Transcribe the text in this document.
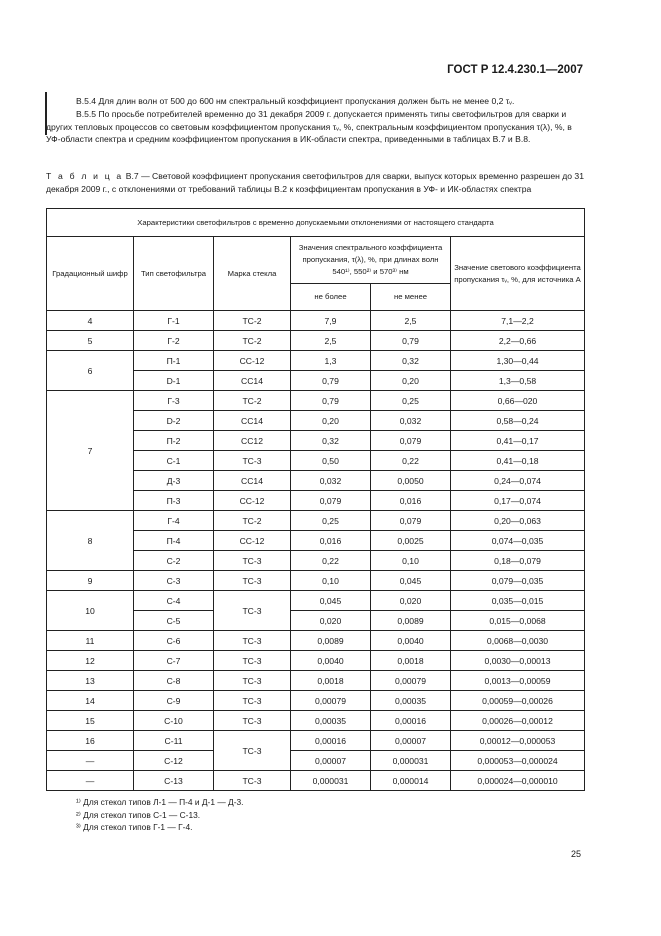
ГОСТ Р 12.4.230.1—2007
В.5.4 Для длин волн от 500 до 600 нм спектральный коэффициент пропускания должен быть не менее 0,2 τᵥ.
В.5.5 По просьбе потребителей временно до 31 декабря 2009 г. допускается применять типы светофильтров для сварки и других тепловых процессов со световым коэффициентом пропускания τᵥ, %, спектральным коэффициентом пропускания τ(λ), %, в УФ-области спектра и средним коэффициентом пропускания в ИК-области спектра, приведенными в таблицах В.7 и В.8.
Т а б л и ц а В.7 — Световой коэффициент пропускания светофильтров для сварки, выпуск которых временно разрешен до 31 декабря 2009 г., с отклонениями от требований таблицы В.2 к коэффициентам пропускания в УФ- и ИК-областях спектра
Характеристики светофильтров с временно допускаемыми отклонениями от настоящего стандарта					
Градационный шифр	Тип светофильтра	Марка стекла	Значения спектрального коэффициента пропускания, τ(λ), %, при длинах волн 540¹⁾, 550²⁾ и 570³⁾ нм		Значение светового коэффициента пропускания τᵥ, %, для источника А
			не более	не менее	
4	Г-1	ТС-2	7,9	2,5	7,1—2,2
5	Г-2	ТС-2	2,5	0,79	2,2—0,66
6	П-1	СС-12	1,3	0,32	1,30—0,44
	D-1	СС14	0,79	0,20	1,3—0,58
7	Г-3	ТС-2	0,79	0,25	0,66—020
	D-2	СС14	0,20	0,032	0,58—0,24
	П-2	СС12	0,32	0,079	0,41—0,17
	С-1	ТС-3	0,50	0,22	0,41—0,18
	Д-3	СС14	0,032	0,0050	0,24—0,074
	П-3	СС-12	0,079	0,016	0,17—0,074
8	Г-4	ТС-2	0,25	0,079	0,20—0,063
	П-4	СС-12	0,016	0,0025	0,074—0,035
	С-2	ТС-3	0,22	0,10	0,18—0,079
9	С-3	ТС-3	0,10	0,045	0,079—0,035
10	С-4	ТС-3	0,045	0,020	0,035—0,015
	С-5		0,020	0,0089	0,015—0,0068
11	С-6	ТС-3	0,0089	0,0040	0,0068—0,0030
12	С-7	ТС-3	0,0040	0,0018	0,0030—0,00013
13	С-8	ТС-3	0,0018	0,00079	0,0013—0,00059
14	С-9	ТС-3	0,00079	0,00035	0,00059—0,00026
15	С-10	ТС-3	0,00035	0,00016	0,00026—0,00012
16	С-11	ТС-3	0,00016	0,00007	0,00012—0,000053
—	С-12		0,00007	0,000031	0,000053—0,000024
—	С-13	ТС-3	0,000031	0,000014	0,000024—0,000010
¹⁾ Для стекол типов Л-1 — П-4 и Д-1 — Д-3.
²⁾ Для стекол типов С-1 — С-13.
³⁾ Для стекол типов Г-1 — Г-4.
25
